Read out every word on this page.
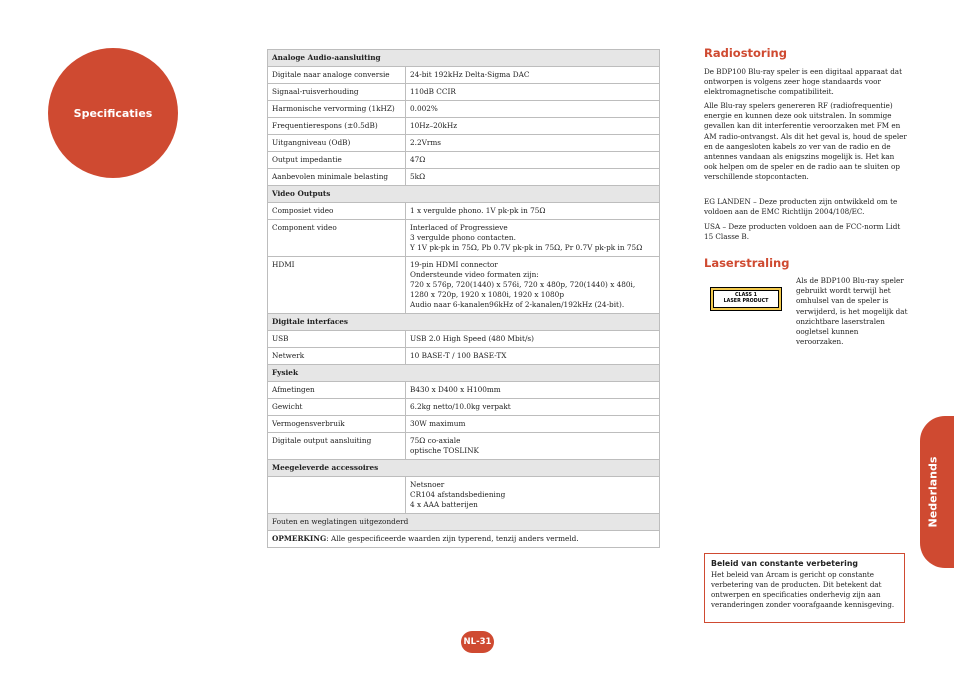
Specificaties
Analoge Audio-aansluiting	
Digitale naar analoge conversie	24-bit 192kHz Delta-Sigma DAC
Signaal-ruisverhouding	110dB CCIR
Harmonische vervorming (1kHZ)	0.002%
Frequentierespons (±0.5dB)	10Hz–20kHz
Uitgangniveau (OdB)	2.2Vrms
Output impedantie	47Ω
Aanbevolen minimale belasting	5kΩ
Video Outputs	
Composiet video	1 x vergulde phono. 1V pk-pk in 75Ω
Component video	Interlaced of Progressieve
3 vergulde phono contacten.
Y 1V pk-pk in 75Ω, Pb 0.7V pk-pk in 75Ω, Pr 0.7V pk-pk in 75Ω

HDMI	19-pin HDMI connector
Ondersteunde video formaten zijn:
720 x 576p, 720(1440) x 576i, 720 x 480p, 720(1440) x 480i,
1280 x 720p, 1920 x 1080i, 1920 x 1080p
Audio naar 6-kanalen96kHz of 2-kanalen/192kHz (24-bit).

Digitale interfaces	
USB	USB 2.0 High Speed (480 Mbit/s)
Netwerk	10 BASE-T / 100 BASE-TX
Fysiek	
Afmetingen	B430 x D400 x H100mm
Gewicht	6.2kg netto/10.0kg verpakt
Vermogensverbruik	30W maximum
Digitale output aansluiting	75Ω co-axiale
optische TOSLINK

Meegeleverde accessoires	

	Netsnoer
CR104 afstandsbediening
4 x AAA batterijen

Fouten en weglatingen uitgezonderd	
OPMERKING: Alle gespecificeerde waarden zijn typerend, tenzij anders vermeld.	
Radiostoring

De BDP100 Blu-ray speler is een digitaal apparaat dat ontworpen is volgens zeer hoge standaards voor elektromagnetische compatibiliteit.

Alle Blu-ray spelers genereren RF (radiofrequentie) energie en kunnen deze ook uitstralen. In sommige gevallen kan dit interferentie veroorzaken met FM en AM radio-ontvangst. Als dit het geval is, houd de speler en de aangesloten kabels zo ver van de radio en de antennes vandaan als enigszins mogelijk is. Het kan ook helpen om de speler en de radio aan te sluiten op verschillende stopcontacten.

EG LANDEN – Deze producten zijn ontwikkeld om te voldoen aan de EMC Richtlijn 2004/108/EC.

USA – Deze producten voldoen aan de FCC-norm Lidt 15 Classe B.

Laserstraling
CLASS 1
LASER PRODUCT

Als de BDP100 Blu-ray speler gebruikt wordt terwijl het omhulsel van de speler is verwijderd, is het mogelijk dat onzichtbare laserstralen oogletsel kunnen veroorzaken.

Nederlands

Beleid van constante verbetering

Het beleid van Arcam is gericht op constante verbetering van de producten. Dit betekent dat ontwerpen en specificaties onderhevig zijn aan veranderingen zonder voorafgaande kennisgeving.

NL-31
